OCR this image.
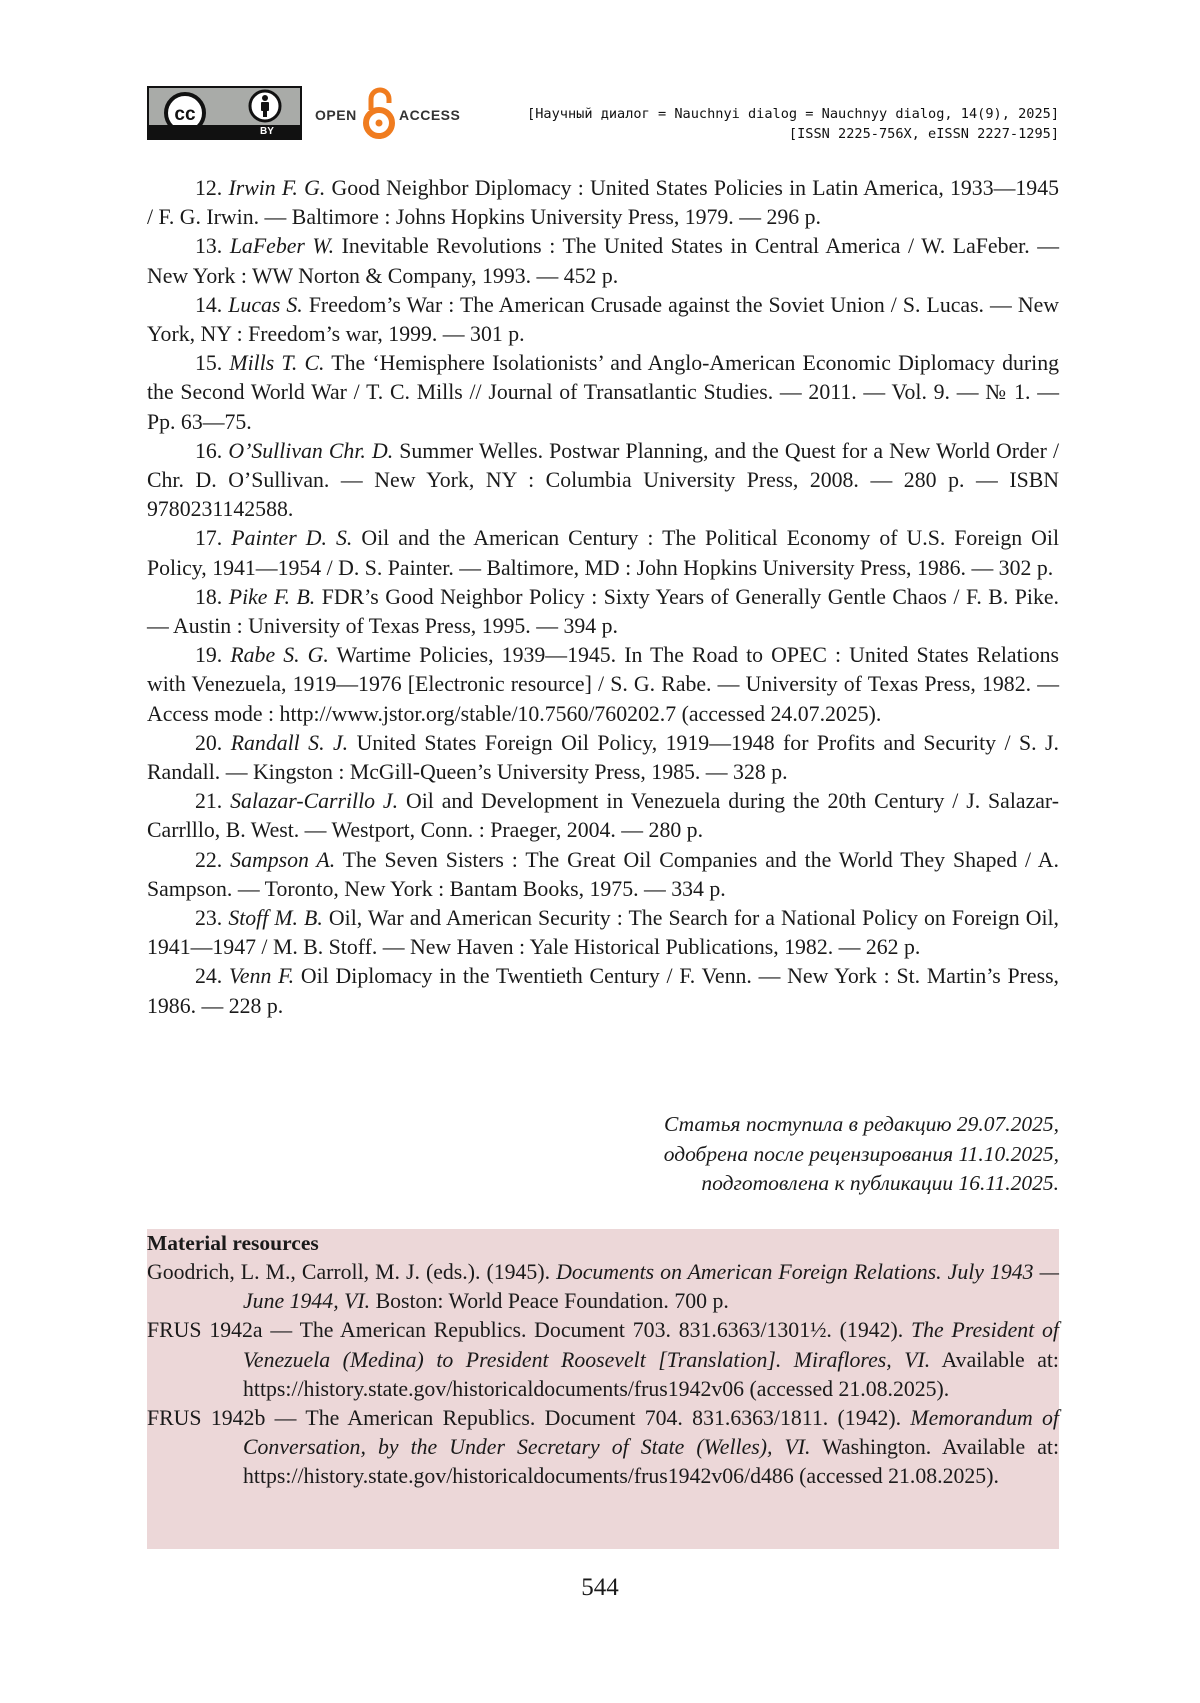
cc
BY
OPEN	ACCESS	[Научный диалог = Nauchnyi dialog = Nauchnyy dialog, 14(9), 2025]
[ISSN 2225-756X, eISSN 2227-1295]

12. Irwin F. G. Good Neighbor Diplomacy : United States Policies in Latin America, 1933—1945 / F. G. Irwin. — Baltimore : Johns Hopkins University Press, 1979. — 296 p.

13. LaFeber W. Inevitable Revolutions : The United States in Central America / W. LaFeber. — New York : WW Norton & Company, 1993. — 452 p.

14. Lucas S. Freedom’s War : The American Crusade against the Soviet Union / S. Lucas. — New York, NY : Freedom’s war, 1999. — 301 p.

15. Mills T. C. The ‘Hemisphere Isolationists’ and Anglo-American Economic Diplomacy during the Second World War / T. C. Mills // Journal of Transatlantic Studies. — 2011. — Vol. 9. — № 1. — Pp. 63—75.

16. O’Sullivan Chr. D. Summer Welles. Postwar Planning, and the Quest for a New World Order / Chr. D. O’Sullivan. — New York, NY : Columbia University Press, 2008. — 280 p. — ISBN 9780231142588.

17. Painter D. S. Oil and the American Century : The Political Economy of U.S. Foreign Oil Policy, 1941—1954 / D. S. Painter. — Baltimore, MD : John Hopkins University Press, 1986. — 302 p.

18. Pike F. B. FDR’s Good Neighbor Policy : Sixty Years of Generally Gentle Chaos / F. B. Pike. — Austin : University of Texas Press, 1995. — 394 p.

19. Rabe S. G. Wartime Policies, 1939—1945. In The Road to OPEC : United States Relations with Venezuela, 1919—1976 [Electronic resource] / S. G. Rabe. — University of Texas Press, 1982. — Access mode : http://www.jstor.org/stable/10.7560/760202.7 (accessed 24.07.2025).

20. Randall S. J. United States Foreign Oil Policy, 1919—1948 for Profits and Security / S. J. Randall. — Kingston : McGill-Queen’s University Press, 1985. — 328 p.

21. Salazar-Carrillo J. Oil and Development in Venezuela during the 20th Century / J. Salazar-Carrlllo, B. West. — Westport, Conn. : Praeger, 2004. — 280 p.

22. Sampson A. The Seven Sisters : The Great Oil Companies and the World They Shaped / A. Sampson. — Toronto, New York : Bantam Books, 1975. — 334 p.

23. Stoff M. B. Oil, War and American Security : The Search for a National Policy on Foreign Oil, 1941—1947 / M. B. Stoff. — New Haven : Yale Historical Publications, 1982. — 262 p.

24. Venn F. Oil Diplomacy in the Twentieth Century / F. Venn. — New York : St. Martin’s Press, 1986. — 228 p.

Статья поступила в редакцию 29.07.2025,
одобрена после рецензирования 11.10.2025,
подготовлена к публикации 16.11.2025.

Material resources

Goodrich, L. M., Carroll, M. J. (eds.). (1945). Documents on American Foreign Relations. July 1943 — June 1944, VI. Boston: World Peace Foundation. 700 p.

FRUS 1942a — The American Republics. Document 703. 831.6363/1301½. (1942). The President of Venezuela (Medina) to President Roosevelt [Translation]. Miraflores, VI. Available at: https://history.state.gov/historicaldocuments/frus1942v06 (accessed 21.08.2025).

FRUS 1942b — The American Republics. Document 704. 831.6363/1811. (1942). Memorandum of Conversation, by the Under Secretary of State (Welles), VI. Washington. Available at: https://history.state.gov/historicaldocuments/frus1942v06/d486 (accessed 21.08.2025).

544
